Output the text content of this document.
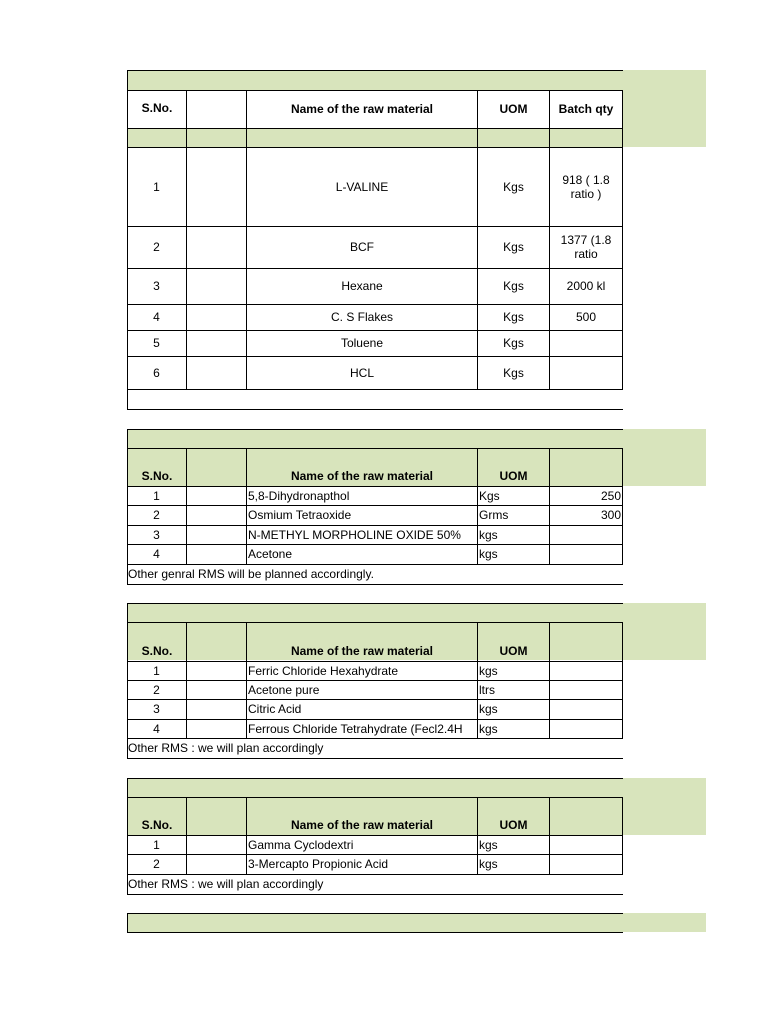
S.No.	Name of the raw material	UOM	Batch qty
1	L-VALINE	Kgs	918 ( 1.8 ratio )
2	BCF	Kgs	1377 (1.8 ratio
3	Hexane	Kgs	2000 kl
4	C. S Flakes	Kgs	500
5	Toluene	Kgs
6	HCL	Kgs
S.No.	Name of the raw material	UOM
1	5,8-Dihydronapthol	Kgs	250
2	Osmium Tetraoxide	Grms	300
3	N-METHYL MORPHOLINE OXIDE 50%	kgs
4	Acetone	kgs
Other genral RMS will be planned accordingly.
S.No.	Name of the raw material	UOM
1	Ferric Chloride Hexahydrate	kgs
2	Acetone pure	ltrs
3	Citric Acid	kgs
4	Ferrous Chloride Tetrahydrate (Fecl2.4H	kgs
Other RMS : we will plan accordingly
S.No.	Name of the raw material	UOM
1	Gamma Cyclodextri	kgs
2	3-Mercapto Propionic Acid	kgs
Other RMS : we will plan accordingly
